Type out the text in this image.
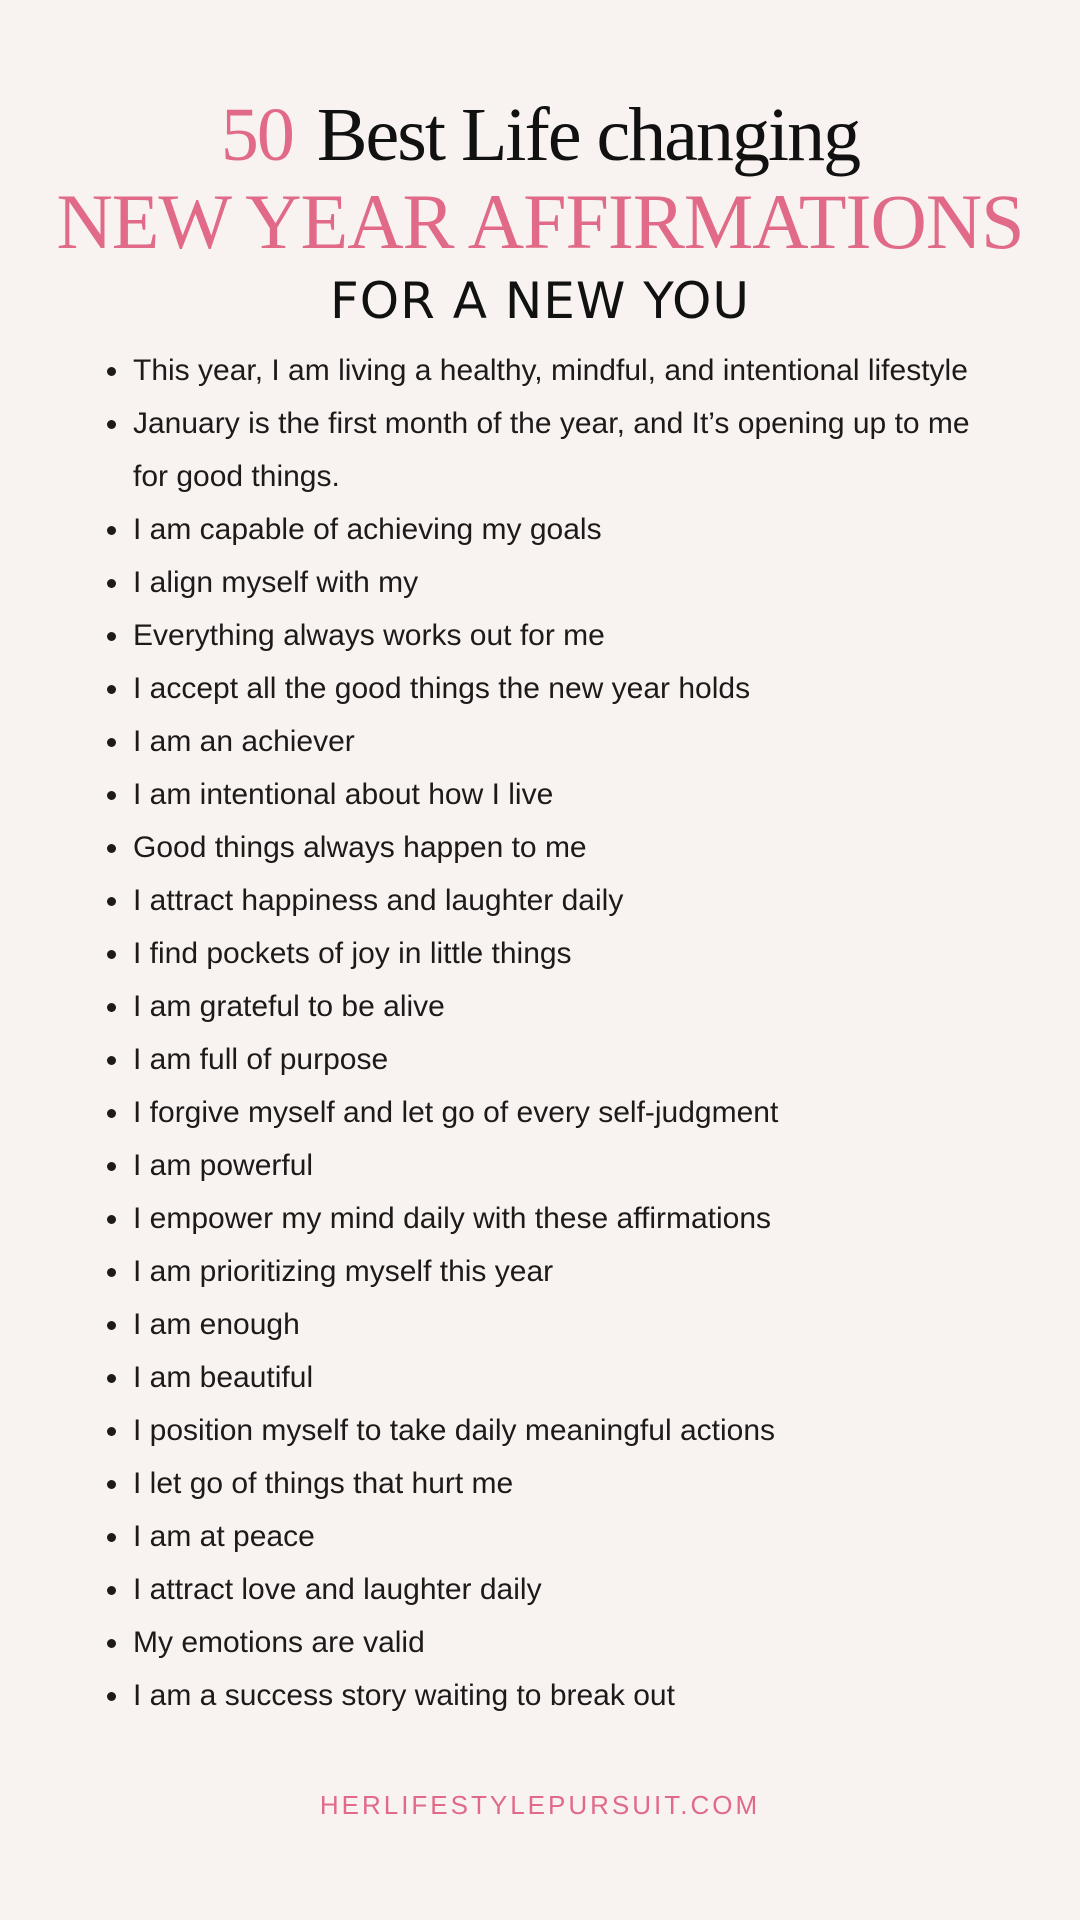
50 Best Life changing
NEW YEAR AFFIRMATIONS
FOR A NEW YOU
This year, I am living a healthy, mindful, and intentional lifestyle
January is the first month of the year, and It’s opening up to me for good things.
I am capable of achieving my goals
I align myself with my
Everything always works out for me
I accept all the good things the new year holds
I am an achiever
I am intentional about how I live
Good things always happen to me
I attract happiness and laughter daily
I find pockets of joy in little things
I am grateful to be alive
I am full of purpose
I forgive myself and let go of every self-judgment
I am powerful
I empower my mind daily with these affirmations
I am prioritizing myself this year
I am enough
I am beautiful
I position myself to take daily meaningful actions
I let go of things that hurt me
I am at peace
I attract love and laughter daily
My emotions are valid
I am a success story waiting to break out
HERLIFESTYLEPURSUIT.COM
